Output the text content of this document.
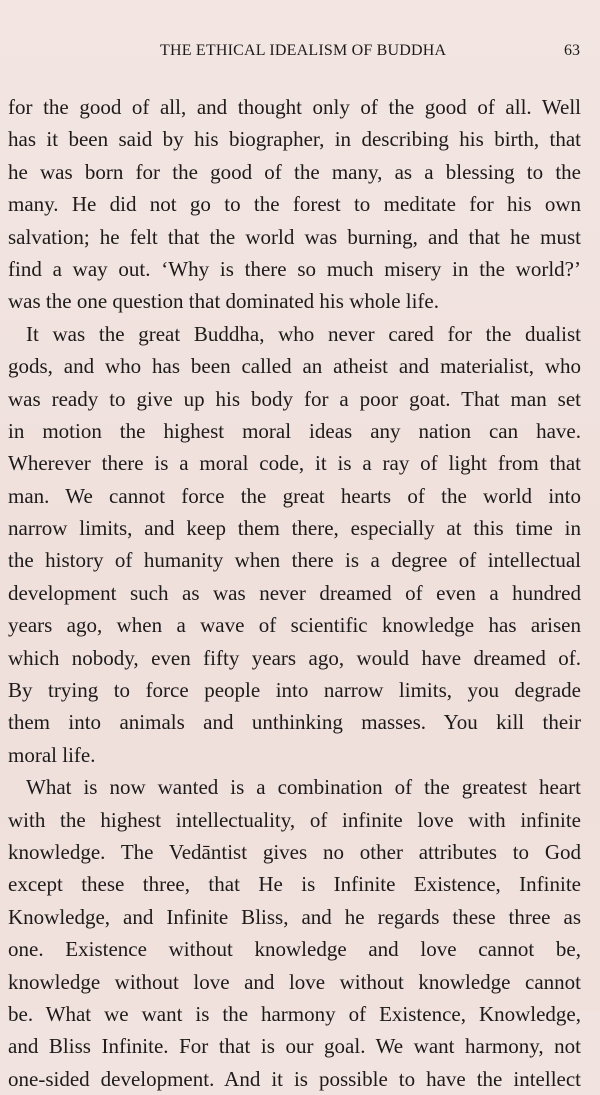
THE ETHICAL IDEALISM OF BUDDHA	63
for the good of all, and thought only of the good of all. Well
has it been said by his biographer, in describing his birth, that
he was born for the good of the many, as a blessing to the
many. He did not go to the forest to meditate for his own
salvation; he felt that the world was burning, and that he must
find a way out. ‘Why is there so much misery in the world?’
was the one question that dominated his whole life.
It was the great Buddha, who never cared for the dualist
gods, and who has been called an atheist and materialist, who
was ready to give up his body for a poor goat. That man set
in motion the highest moral ideas any nation can have.
Wherever there is a moral code, it is a ray of light from that
man. We cannot force the great hearts of the world into
narrow limits, and keep them there, especially at this time in
the history of humanity when there is a degree of intellectual
development such as was never dreamed of even a hundred
years ago, when a wave of scientific knowledge has arisen
which nobody, even fifty years ago, would have dreamed of.
By trying to force people into narrow limits, you degrade
them into animals and unthinking masses. You kill their
moral life.
What is now wanted is a combination of the greatest heart
with the highest intellectuality, of infinite love with infinite
knowledge. The Vedāntist gives no other attributes to God
except these three, that He is Infinite Existence, Infinite
Knowledge, and Infinite Bliss, and he regards these three as
one. Existence without knowledge and love cannot be,
knowledge without love and love without knowledge cannot
be. What we want is the harmony of Existence, Knowledge,
and Bliss Infinite. For that is our goal. We want harmony, not
one-sided development. And it is possible to have the intellect
